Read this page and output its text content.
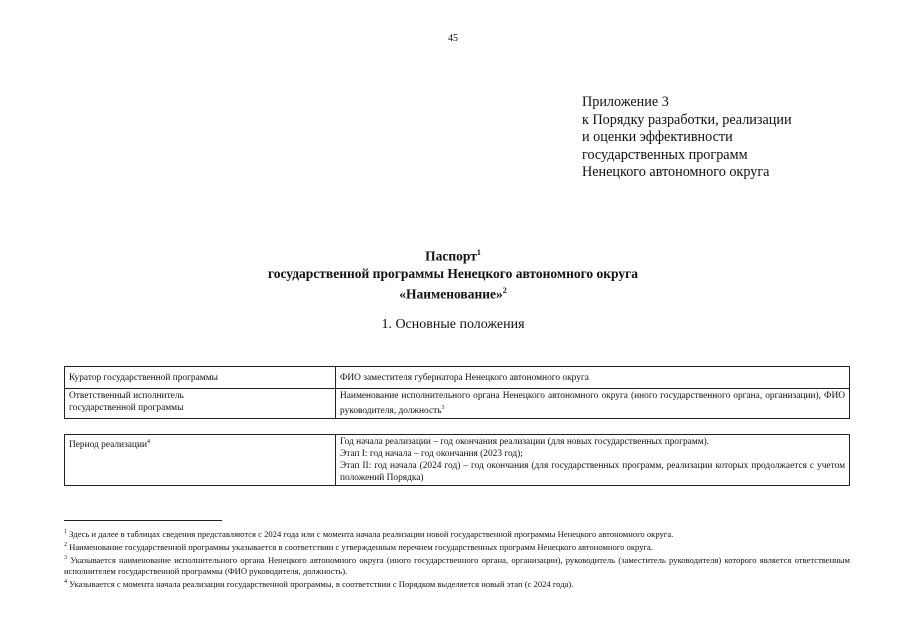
45
Приложение 3
к Порядку разработки, реализации
и оценки эффективности
государственных программ
Ненецкого автономного округа
Паспорт$^1$
государственной программы Ненецкого автономного округа
«Наименование»$^2$
1. Основные положения
Куратор государственной программы	ФИО заместителя губернатора Ненецкого автономного округа

Ответственный исполнитель
государственной программы	Наименование исполнительного органа Ненецкого автономного округа (иного государственного органа, организации), ФИО руководителя, должность$^3$
Период реализации$^4$	Год начала реализации – год окончания реализации (для новых государственных программ).
Этап I: год начала – год окончания (2023 год);
Этап II: год начала (2024 год) – год окончания (для государственных программ, реализации которых продолжается с учетом положений Порядка)
$^1$ Здесь и далее в таблицах сведения представляются с 2024 года или с момента начала реализации новой государственной программы Ненецкого автономного округа.
$^2$ Наименование государственной программы указывается в соответствии с утвержденным перечнем государственных программ Ненецкого автономного округа.
$^3$ Указывается наименование исполнительного органа Ненецкого автономного округа (иного государственного органа, организации), руководитель (заместитель руководителя) которого является ответственным исполнителем государственной программы (ФИО руководителя, должность).
$^4$ Указывается с момента начала реализации государственной программы, в соответствии с Порядком выделяется новый этап (с 2024 года).
